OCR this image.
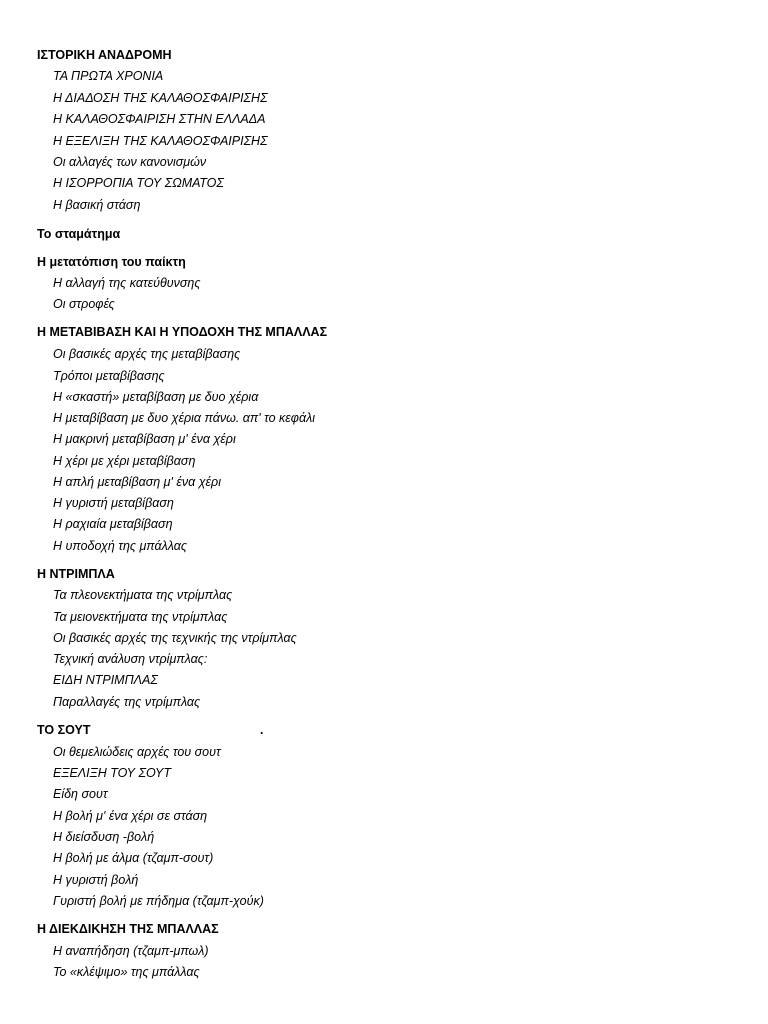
ΙΣΤΟΡΙΚΗ ΑΝΑΔΡΟΜΗ
ΤΑ ΠΡΩΤΑ ΧΡΟΝΙΑ
Η ΔΙΑΔΟΣΗ ΤΗΣ ΚΑΛΑΘΟΣΦΑΙΡΙΣΗΣ
Η ΚΑΛΑΘΟΣΦΑΙΡΙΣΗ ΣΤΗΝ ΕΛΛΑΔΑ
Η ΕΞΕΛΙΞΗ ΤΗΣ ΚΑΛΑΘΟΣΦΑΙΡΙΣΗΣ
Οι αλλαγές των κανονισμών
Η ΙΣΟΡΡΟΠΙΑ ΤΟΥ ΣΩΜΑΤΟΣ
Η βασική στάση
Το σταμάτημα
Η μετατόπιση του παίκτη
Η αλλαγή της κατεύθυνσης
Οι στροφές
Η ΜΕΤΑΒΙΒΑΣΗ ΚΑΙ Η ΥΠΟΔΟΧΗ ΤΗΣ ΜΠΑΛΛΑΣ
Οι βασικές αρχές της μεταβίβασης
Τρόποι μεταβίβασης
Η «σκαστή» μεταβίβαση με δυο χέρια
Η μεταβίβαση με δυο χέρια πάνω. απ' το κεφάλι
Η μακρινή μεταβίβαση μ' ένα χέρι
Η χέρι με χέρι μεταβίβαση
Η απλή μεταβίβαση μ' ένα χέρι
Η γυριστή μεταβίβαση
Η ραχιαία μεταβίβαση
Η υποδοχή της μπάλλας
Η ΝΤΡΙΜΠΛΑ
Τα πλεονεκτήματα της ντρίμπλας
Τα μειονεκτήματα της ντρίμπλας
Οι βασικές αρχές της τεχνικής της ντρίμπλας
Τεχνική ανάλυση ντρίμπλας:
ΕΙΔΗ ΝΤΡΙΜΠΛΑΣ
Παραλλαγές της ντρίμπλας
ΤΟ ΣΟΥΤ	.
Οι θεμελιώδεις αρχές του σουτ
ΕΞΕΛΙΞΗ ΤΟΥ ΣΟΥΤ
Είδη σουτ
Η βολή μ' ένα χέρι σε στάση
Η διείσδυση -βολή
Η βολή με άλμα (τζαμπ-σουτ)
Η γυριστή βολή
Γυριστή βολή με πήδημα (τζαμπ-χούκ)
Η ΔΙΕΚΔΙΚΗΣΗ ΤΗΣ ΜΠΑΛΛΑΣ
Η αναπήδηση (τζαμπ-μπωλ)
Το «κλέψιμο» της μπάλλας
